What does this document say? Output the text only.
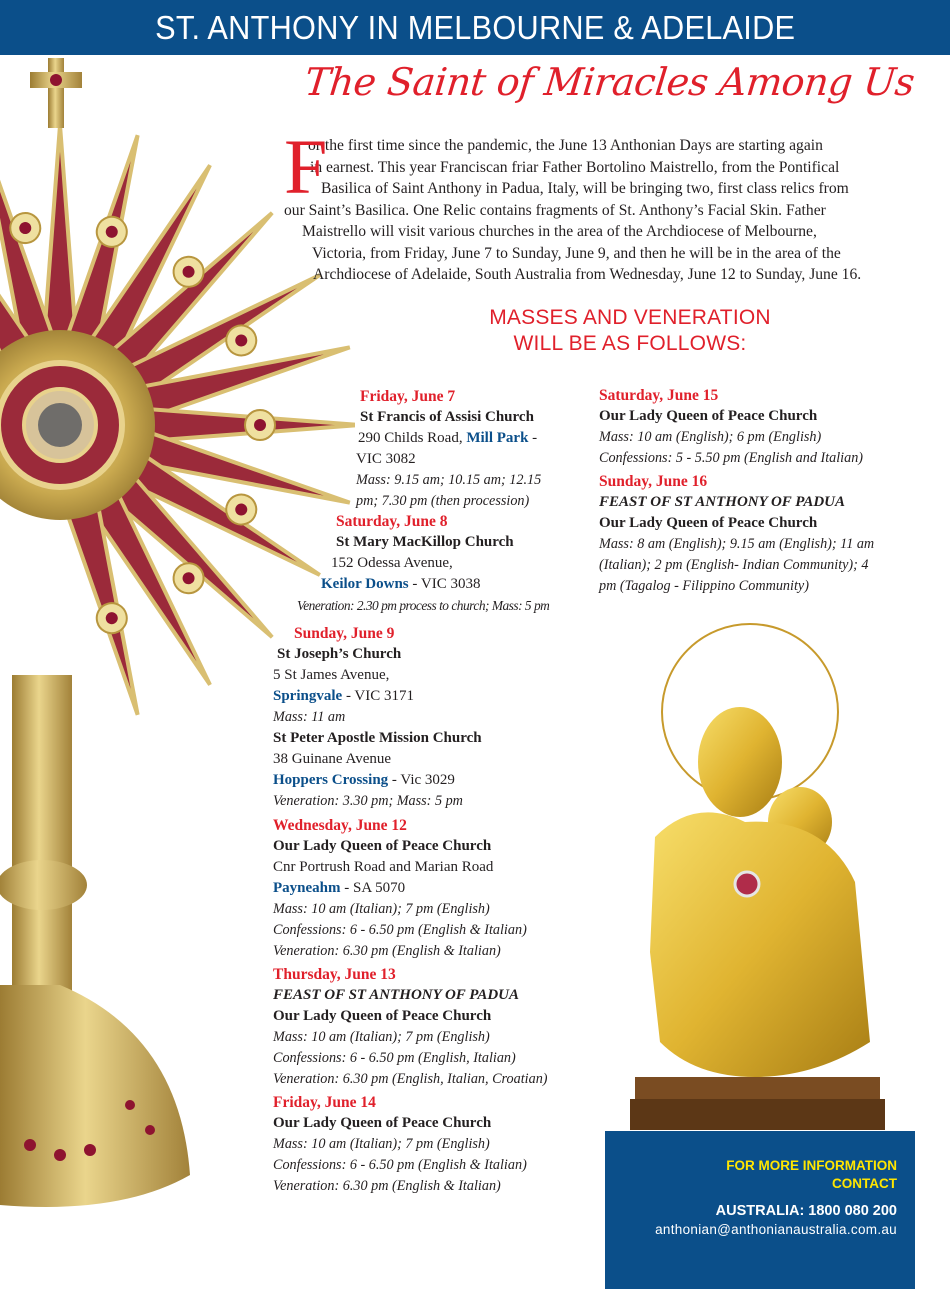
ST. ANTHONY IN MELBOURNE & ADELAIDE
The Saint of Miracles Among Us
F
or the first time since the pandemic, the June 13 Anthonian Days are starting again
in earnest. This year Franciscan friar Father Bortolino Maistrello, from the Pontifical
Basilica of Saint Anthony in Padua, Italy, will be bringing two, first class relics from
our Saint’s Basilica. One Relic contains fragments of St. Anthony’s Facial Skin. Father
Maistrello will visit various churches in the area of the Archdiocese of Melbourne,
Victoria, from Friday, June 7 to Sunday, June 9, and then he will be in the area of the
Archdiocese of Adelaide, South Australia from Wednesday, June 12 to Sunday, June 16.
MASSES AND VENERATION
WILL BE AS FOLLOWS:
Friday, June 7
St Francis of Assisi Church
290 Childs Road, Mill Park -
VIC 3082
Mass: 9.15 am; 10.15 am; 12.15
pm; 7.30 pm (then procession)
Saturday, June 8
St Mary MacKillop Church
152 Odessa Avenue,
Keilor Downs - VIC 3038
Veneration: 2.30 pm process to church; Mass: 5 pm
Sunday, June 9
St Joseph’s Church
5 St James Avenue,
Springvale - VIC 3171
Mass: 11 am
St Peter Apostle Mission Church
38 Guinane Avenue
Hoppers Crossing - Vic 3029
Veneration: 3.30 pm; Mass: 5 pm
Wednesday, June 12
Our Lady Queen of Peace Church
Cnr Portrush Road and Marian Road
Payneahm - SA 5070
Mass: 10 am (Italian); 7 pm (English)
Confessions: 6 - 6.50 pm (English & Italian)
Veneration: 6.30 pm (English & Italian)
Thursday, June 13
FEAST OF ST ANTHONY OF PADUA
Our Lady Queen of Peace Church
Mass: 10 am (Italian); 7 pm (English)
Confessions: 6 - 6.50 pm (English, Italian)
Veneration: 6.30 pm (English, Italian, Croatian)
Friday, June 14
Our Lady Queen of Peace Church
Mass: 10 am (Italian); 7 pm (English)
Confessions: 6 - 6.50 pm (English & Italian)
Veneration: 6.30 pm (English & Italian)
Saturday, June 15
Our Lady Queen of Peace Church
Mass: 10 am (English); 6 pm (English)
Confessions: 5 - 5.50 pm (English and Italian)
Sunday, June 16
FEAST OF ST ANTHONY OF PADUA
Our Lady Queen of Peace Church
Mass: 8 am (English); 9.15 am (English); 11 am
(Italian); 2 pm (English- Indian Community); 4
pm (Tagalog - Filippino Community)
FOR MORE INFORMATION
CONTACT
AUSTRALIA: 1800 080 200
anthonian@anthonianaustralia.com.au
